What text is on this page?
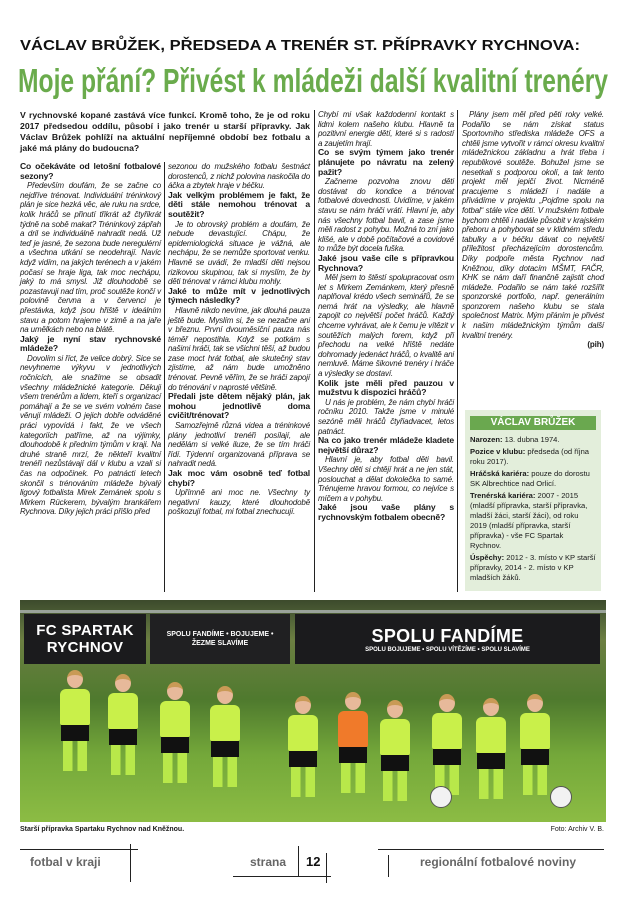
VÁCLAV BRŮŽEK, PŘEDSEDA A TRENÉR ST. PŘÍPRAVKY RYCHNOVA:
Moje přání? Přivést k mládeži další kvalitní trenéry
V rychnovské kopané zastává více funkcí. Kromě toho, že je od roku 2017 předsedou oddílu, působí i jako trenér u starší přípravky. Jak Václav Brůžek pohlíží na aktuální nepříjemné období bez fotbalu a jaké má plány do budoucna?

Co očekáváte od letošní fotbalové sezony?

Především doufám, že se začne co nejdříve trénovat. Individuální tréninkový plán je sice hezká věc, ale ruku na srdce, kolik hráčů se přinutí třikrát až čtyřikrát týdně na sobě makat? Tréninkový zápřah a dril se individuálně nahradit nedá. Už teď je jasné, že sezona bude neregulérní a všechna utkání se neodehrají. Navíc když vidím, na jakých terénech a v jakém počasí se hraje liga, tak moc nechápu, jaký to má smysl. Již dlouhodobě se pozastavuji nad tím, proč soutěže končí v polovině června a v červenci je přestávka, když jsou hřiště v ideálním stavu a potom hrajeme v zimě a na jaře na umělkách nebo na blátě.

Jaký je nyní stav rychnovské mládeže?

Dovolím si říct, že velice dobrý. Sice se nevyhneme výkyvu v jednotlivých ročnících, ale snažíme se obsadit všechny mládežnické kategorie. Děkuji všem trenérům a lidem, kteří s organizací pomáhají a že se ve svém volném čase věnují mládeži. O jejich dobře odváděné práci vypovídá i fakt, že ve všech kategoriích patříme, až na výjimky, dlouhodobě k předním týmům v kraji. Na druhé straně mrzí, že někteří kvalitní trenéři nezůstávají dál v klubu a vzali si čas na odpočinek. Po patnácti letech skončil s trénováním mládeže bývalý ligový fotbalista Mirek Zemánek spolu s Mirkem Rückerem, bývalým brankářem Rychnova. Díky jejich práci přišlo před

sezonou do mužského fotbalu šestnáct dorostenců, z nichž polovina naskočila do áčka a zbytek hraje v béčku.

Jak velkým problémem je fakt, že děti stále nemohou trénovat a soutěžit?

Je to obrovský problém a doufám, že nebude devastující. Chápu, že epidemiologická situace je vážná, ale nechápu, že se nemůže sportovat venku. Hlavně se uvádí, že mladší děti nejsou rizikovou skupinou, tak si myslím, že by děti trénovat v rámci klubu mohly.

Jaké to může mít v jednotlivých týmech následky?

Hlavně nikdo nevíme, jak dlouhá pauza ještě bude. Myslím si, že se nezačne ani v březnu. První dvouměsíční pauza nás téměř nepostihla. Když se potkám s našimi hráči, tak se všichni těší, až budou zase moct hrát fotbal, ale skutečný stav zjistíme, až nám bude umožněno trénovat. Pevně věřím, že se hráči zapojí do trénování v naprosté většině.

Předali jste dětem nějaký plán, jak mohou jednotlivě doma cvičit/trénovat?

Samozřejmě různá videa a tréninkové plány jednotliví trenéři posílají, ale nedělám si velké iluze, že se tím hráči řídí. Týdenní organizovaná příprava se nahradit nedá.

Jak moc vám osobně teď fotbal chybí?

Upřímně ani moc ne. Všechny ty negativní kauzy, které dlouhodobě poškozují fotbal, mi fotbal znechucují.

Chybí mi však každodenní kontakt s lidmi kolem našeho klubu. Hlavně ta pozitivní energie dětí, které si s radostí a zaujetím hrají.

Co se svým týmem jako trenér plánujete po návratu na zelený pažit?

Začneme pozvolna znovu děti dostávat do kondice a trénovat fotbalové dovednosti. Uvidíme, v jakém stavu se nám hráči vrátí. Hlavní je, aby nás všechny fotbal bavil, a zase jsme měli radost z pohybu. Možná to zní jako klišé, ale v době počítačové a covidové to může být docela fuška.

Jaké jsou vaše cíle s přípravkou Rychnova?

Měl jsem to štěstí spolupracovat osm let s Mirkem Zemánkem, který přesně naplňoval krédo všech seminářů, že se nemá hrát na výsledky, ale hlavně zapojit co největší počet hráčů. Každý chceme vyhrávat, ale k čemu je vítězit v soutěžích malých forem, když při přechodu na velké hřiště nedáte dohromady jedenáct hráčů, o kvalitě ani nemluvě. Máme šikovné trenéry i hráče a výsledky se dostaví.

Kolik jste měli před pauzou v mužstvu k dispozici hráčů?

U nás je problém, že nám chybí hráči ročníku 2010. Takže jsme v minulé sezóně měli hráčů čtyřiadvacet, letos patnáct.

Na co jako trenér mládeže kladete největší důraz?

Hlavní je, aby fotbal děti bavil. Všechny děti si chtějí hrát a ne jen stát, poslouchat a dělat dokolečka to samé. Trénujeme hravou formou, co nejvíce s míčem a v pohybu.

Jaké jsou vaše plány s rychnovským fotbalem obecně?

Plány jsem měl před pěti roky velké. Podařilo se nám získat status Sportovního střediska mládeže OFS a chtěli jsme vytvořit v rámci okresu kvalitní mládežnickou základnu a hrát třeba i republikové soutěže. Bohužel jsme se nesetkali s podporou okolí, a tak tento projekt měl jepičí život. Nicméně pracujeme s mládeží i nadále a přivádíme v projektu „Pojďme spolu na fotbal“ stále více dětí. V mužském fotbale bychom chtěli i nadále působit v krajském přeboru a pohybovat se v klidném středu tabulky a v béčku dávat co největší příležitost přecházejícím dorostencům. Díky podpoře města Rychnov nad Kněžnou, díky dotacím MŠMT, FAČR, KHK se nám daří finančně zajistit chod mládeže. Podařilo se nám také rozšířit sponzorské portfolio, např. generálním sponzorem našeho klubu se stala společnost Matrix. Mým přáním je přivést k našim mládežnickým týmům další kvalitní trenéry.

(pih)

VÁCLAV BRŮŽEK
Narozen: 13. dubna 1974.
Pozice v klubu: předseda (od října roku 2017).
Hráčská kariéra: pouze do dorostu SK Albrechtice nad Orlicí.
Trenérská kariéra: 2007 - 2015 (mladší přípravka, starší přípravka, mladší žáci, starší žáci), od roku 2019 (mladší přípravka, starší přípravka) - vše FC Spartak Rychnov.
Úspěchy: 2012 - 3. místo v KP starší přípravky, 2014 - 2. místo v KP mladších žáků.
FC SPARTAK RYCHNOV
SPOLU FANDÍME • BOJUJEME • ŽEZME SLAVÍME	SPOLU FANDÍME
SPOLU BOJUJEME • SPOLU VÍTĚZÍME • SPOLU SLAVÍME
Starší přípravka Spartaku Rychnov nad Kněžnou.	Foto: Archiv V. B.
fotbal v kraji	strana 12	regionální fotbalové noviny
